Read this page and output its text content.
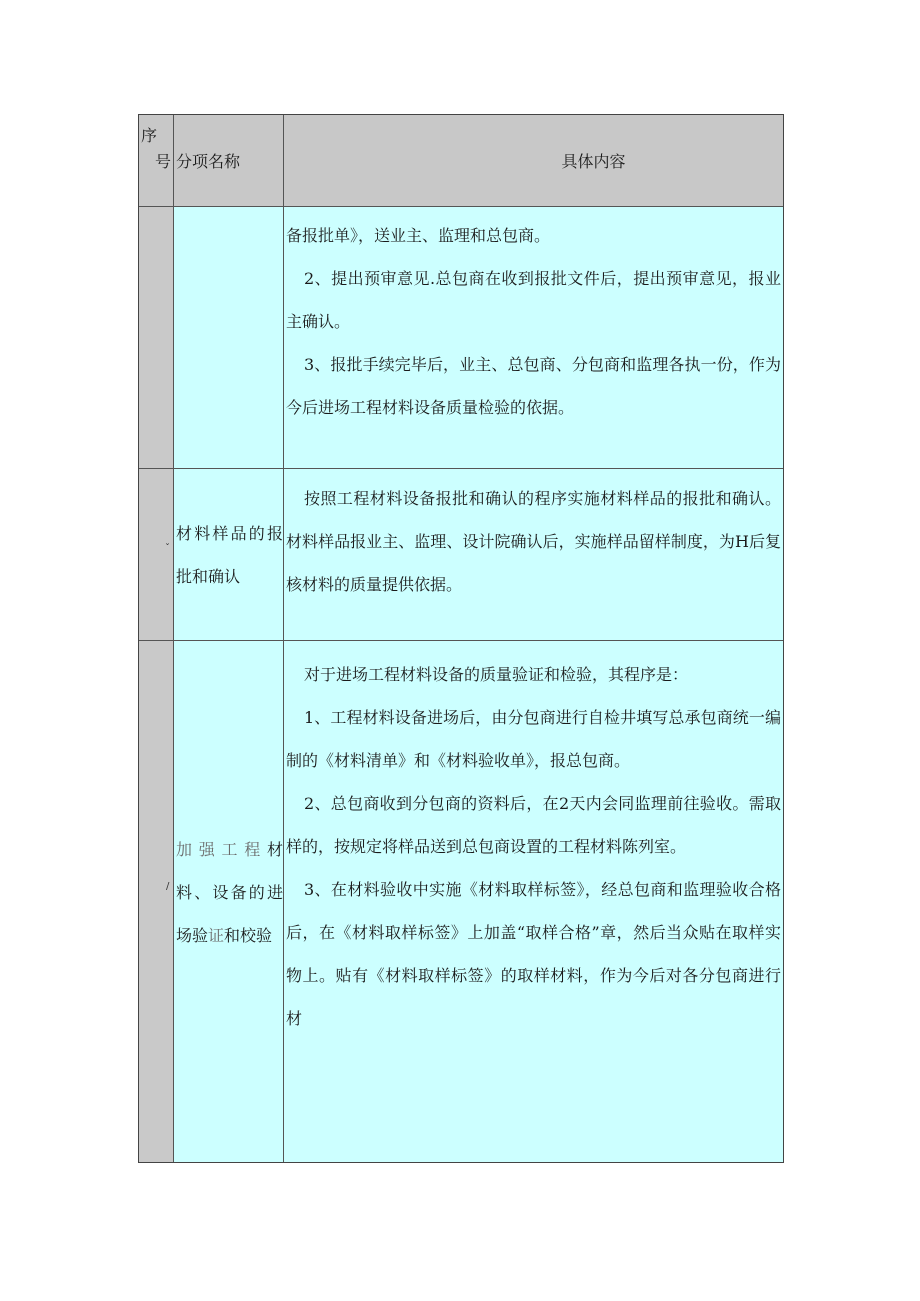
序
号 分项名称	具体内容

备报批单》，送业主、监理和总包商。

2、提出预审意见.总包商在收到报批文件后，提出预审意见，报业主确认。

3、报批手续完毕后，业主、总包商、分包商和监理各执一份，作为今后进场工程材料设备质量检验的依据。

ˇ
材料样品的报批和确认

按照工程材料设备报批和确认的程序实施材料样品的报批和确认。材料样品报业主、监理、设计院确认后，实施样品留样制度，为H后复核材料的质量提供依据。

/
加强工程材料、设备的进场验证和校验

对于进场工程材料设备的质量验证和检验，其程序是：

1、工程材料设备进场后，由分包商进行自检井填写总承包商统一编制的《材料清单》和《材料验收单》，报总包商。

2、总包商收到分包商的资料后，在2天内会同监理前往验收。需取样的，按规定将样品送到总包商设置的工程材料陈列室。

3、在材料验收中实施《材料取样标签》，经总包商和监理验收合格后，在《材料取样标签》上加盖“取样合格”章，然后当众贴在取样实物上。贴有《材料取样标签》的取样材料，作为今后对各分包商进行材
